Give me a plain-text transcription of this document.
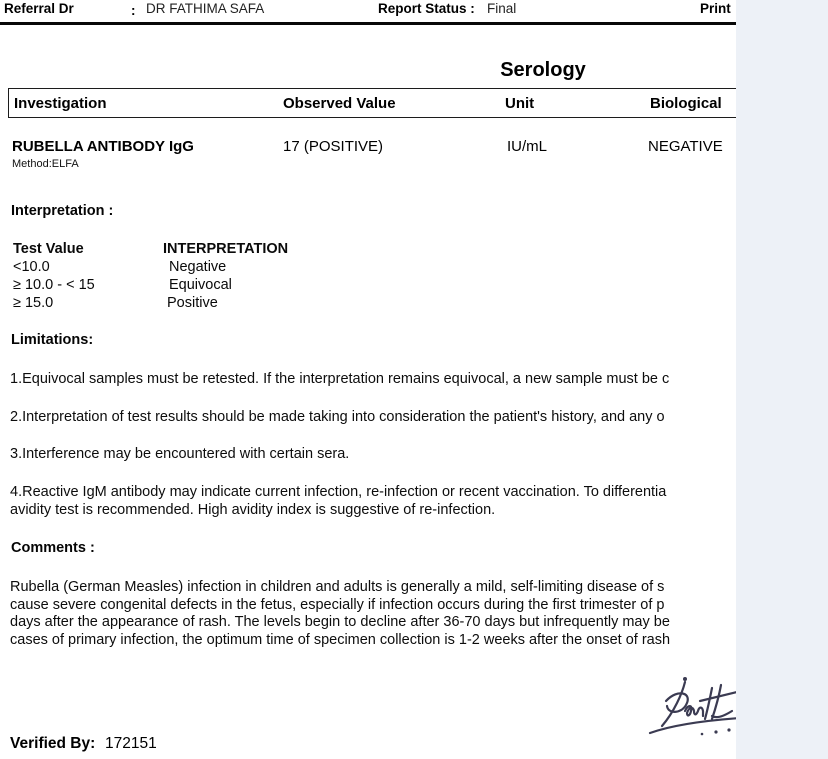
Referral Dr	: DR FATHIMA SAFA	Report Status : Final	Print
Serology
Investigation	Observed Value	Unit	Biological
RUBELLA ANTIBODY IgG	17 (POSITIVE)	IU/mL	NEGATIVE
Method:ELFA
Interpretation :
Test Value	INTERPRETATION
<10.0	Negative
≥ 10.0 - < 15	Equivocal
≥ 15.0	Positive
Limitations:
1.Equivocal samples must be retested. If the interpretation remains equivocal, a new sample must be c
2.Interpretation of test results should be made taking into consideration the patient's history, and any o
3.Interference may be encountered with certain sera.
4.Reactive IgM antibody may indicate current infection, re-infection or recent vaccination. To differentia
avidity test is recommended. High avidity index is suggestive of re-infection.
Comments :
Rubella (German Measles) infection in children and adults is generally a mild, self-limiting disease of s
cause severe congenital defects in the fetus, especially if infection occurs during the first trimester of p
days after the appearance of rash. The levels begin to decline after 36-70 days but infrequently may be
cases of primary infection, the optimum time of specimen collection is 1-2 weeks after the onset of rash
Verified By: 172151
